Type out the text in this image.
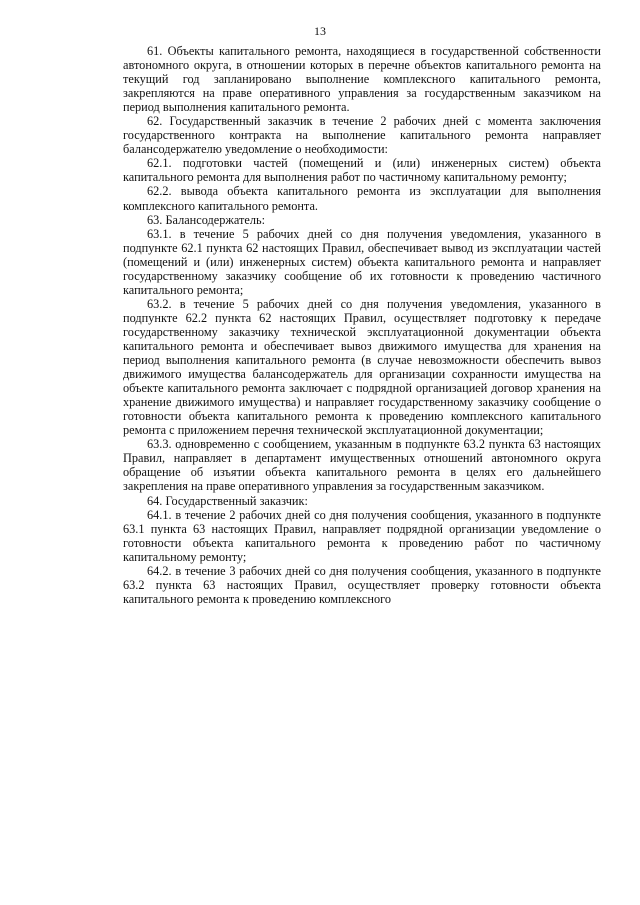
13

61. Объекты капитального ремонта, находящиеся в государственной собственности автономного округа, в отношении которых в перечне объектов капитального ремонта на текущий год запланировано выполнение комплексного капитального ремонта, закрепляются на праве оперативного управления за государственным заказчиком на период выполнения капитального ремонта.

62. Государственный заказчик в течение 2 рабочих дней с момента заключения государственного контракта на выполнение капитального ремонта направляет балансодержателю уведомление о необходимости:

62.1. подготовки частей (помещений и (или) инженерных систем) объекта капитального ремонта для выполнения работ по частичному капитальному ремонту;

62.2. вывода объекта капитального ремонта из эксплуатации для выполнения комплексного капитального ремонта.

63. Балансодержатель:

63.1. в течение 5 рабочих дней со дня получения уведомления, указанного в подпункте 62.1 пункта 62 настоящих Правил, обеспечивает вывод из эксплуатации частей (помещений и (или) инженерных систем) объекта капитального ремонта и направляет государственному заказчику сообщение об их готовности к проведению частичного капитального ремонта;

63.2. в течение 5 рабочих дней со дня получения уведомления, указанного в подпункте 62.2 пункта 62 настоящих Правил, осуществляет подготовку к передаче государственному заказчику технической эксплуатационной документации объекта капитального ремонта и обеспечивает вывоз движимого имущества для хранения на период выполнения капитального ремонта (в случае невозможности обеспечить вывоз движимого имущества балансодержатель для организации сохранности имущества на объекте капитального ремонта заключает с подрядной организацией договор хранения на хранение движимого имущества) и направляет государственному заказчику сообщение о готовности объекта капитального ремонта к проведению комплексного капитального ремонта с приложением перечня технической эксплуатационной документации;

63.3. одновременно с сообщением, указанным в подпункте 63.2 пункта 63 настоящих Правил, направляет в департамент имущественных отношений автономного округа обращение об изъятии объекта капитального ремонта в целях его дальнейшего закрепления на праве оперативного управления за государственным заказчиком.

64. Государственный заказчик:

64.1. в течение 2 рабочих дней со дня получения сообщения, указанного в подпункте 63.1 пункта 63 настоящих Правил, направляет подрядной организации уведомление о готовности объекта капитального ремонта к проведению работ по частичному капитальному ремонту;

64.2. в течение 3 рабочих дней со дня получения сообщения, указанного в подпункте 63.2 пункта 63 настоящих Правил, осуществляет проверку готовности объекта капитального ремонта к проведению комплексного
